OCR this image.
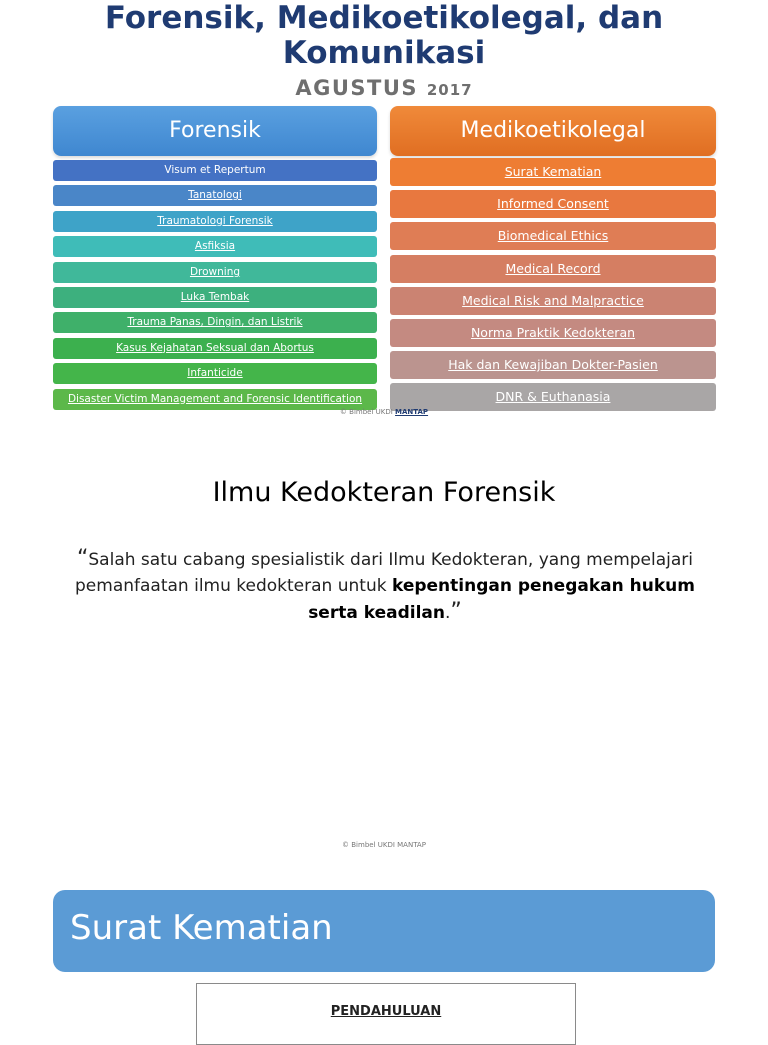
Forensik, Medikoetikolegal, dan
Komunikasi
AGUSTUS 2017
Forensik	Medikoetikolegal
Visum et Repertum
Tanatologi
Traumatologi Forensik
Asfiksia
Drowning
Luka Tembak
Trauma Panas, Dingin, dan Listrik
Kasus Kejahatan Seksual dan Abortus
Infanticide
Disaster Victim Management and Forensic Identification
Surat Kematian
Informed Consent
Biomedical Ethics
Medical Record
Medical Risk and Malpractice
Norma Praktik Kedokteran
Hak dan Kewajiban Dokter-Pasien
DNR & Euthanasia
© Bimbel UKDI MANTAP
Ilmu Kedokteran Forensik
“Salah satu cabang spesialistik dari Ilmu Kedokteran, yang mempelajari pemanfaatan ilmu kedokteran untuk kepentingan penegakan hukum serta keadilan.”
© Bimbel UKDI MANTAP
Surat Kematian
PENDAHULUAN
